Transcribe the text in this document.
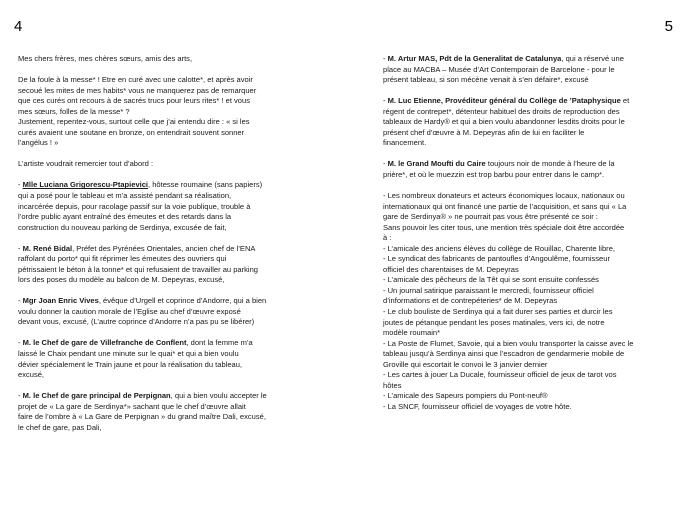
4	5

Mes chers frères, mes chères sœurs, amis des arts,

De la foule à la messe* ! Etre en curé avec une calotte*, et après avoir
secoué les mites de mes habits* vous ne manquerez pas de remarquer
que ces curés ont recours à de sacrés trucs pour leurs rites* ! et vous
mes sœurs, folles de la messe* ?

Justement, repentez-vous, surtout celle que j’ai entendu dire : « si les
curés avaient une soutane en bronze, on entendrait souvent sonner
l’angélus ! »

L’artiste voudrait remercier tout d’abord :

- Mlle Luciana Grigorescu-Ptapievici, hôtesse roumaine (sans papiers)
qui a posé pour le tableau et m’a assisté pendant sa réalisation,
incarcérée depuis, pour racolage passif sur la voie publique, trouble à
l’ordre public ayant entraîné des émeutes et des retards dans la
construction du nouveau parking de Serdinya, excusée de fait,

- M. René Bidal, Préfet des Pyrénées Orientales, ancien chef de l’ENA
raffolant du porto* qui fit réprimer les émeutes des ouvriers qui
pétrissaient le béton à la tonne* et qui refusaient de travailler au parking
lors des poses du modèle au balcon de M. Depeyras, excusé,

- Mgr Joan Enric Vives, évêque d’Urgell et coprince d’Andorre, qui a bien
voulu donner la caution morale de l’Eglise au chef d’œuvre exposé
devant vous, excusé, (L’autre coprince d’Andorre n’a pas pu se libérer)

- M. le Chef de gare de Villefranche de Conflent, dont la femme m’a
laissé le Chaix pendant une minute sur le quai* et qui a bien voulu
dévier spécialement le Train jaune et pour la réalisation du tableau,
excusé,

- M. le Chef de gare principal de Perpignan, qui a bien voulu accepter le
projet de « La gare de Serdinya*» sachant que le chef d’œuvre allait
faire de l’ombre à « La Gare de Perpignan » du grand maître Dali, excusé,
le chef de gare, pas Dali,

- M. Artur MAS, Pdt de la Generalitat de Catalunya, qui a réservé une
place au MACBA – Musée d’Art Contemporain de Barcelone - pour le
présent tableau, si son mécène venait à s’en défaire*, excusé

- M. Luc Etienne, Provéditeur général du Collège de ’Pataphysique et
régent de contrepet*, détenteur habituel des droits de reproduction des
tableaux de Hardy® et qui a bien voulu abandonner lesdits droits pour le
présent chef d’œuvre à M. Depeyras afin de lui en faciliter le
financement.

- M. le Grand Moufti du Caire toujours noir de monde à l’heure de la
prière*, et où le muezzin est trop barbu pour entrer dans le camp*.

- Les nombreux donateurs et acteurs économiques locaux, nationaux ou
internationaux qui ont financé une partie de l’acquisition, et sans qui « La
gare de Serdinya® » ne pourrait pas vous être présenté ce soir :
Sans pouvoir les citer tous, une mention très spéciale doit être accordée
à :

- L’amicale des anciens élèves du collège de Rouillac, Charente libre,
- Le syndicat des fabricants de pantoufles d’Angoulême, fournisseur
officiel des charentaises de M. Depeyras
- L’amicale des pêcheurs de la Têt qui se sont ensuite confessés
- Un journal satirique paraissant le mercredi, fournisseur officiel
d’informations et de contrepéteries* de M. Depeyras
- Le club bouliste de Serdinya qui a fait durer ses parties et durcir les
joutes de pétanque pendant les poses matinales, vers ici, de notre
modèle roumain*
- La Poste de Flumet, Savoie, qui a bien voulu transporter la caisse avec le
tableau jusqu’à Serdinya ainsi que l’escadron de gendarmerie mobile de
Groville qui escortait le convoi le 3 janvier dernier
- Les cartes à jouer La Ducale, fournisseur officiel de jeux de tarot vos
hôtes
- L’amicale des Sapeurs pompiers du Pont-neuf®
- La SNCF, fournisseur officiel de voyages de votre hôte.
